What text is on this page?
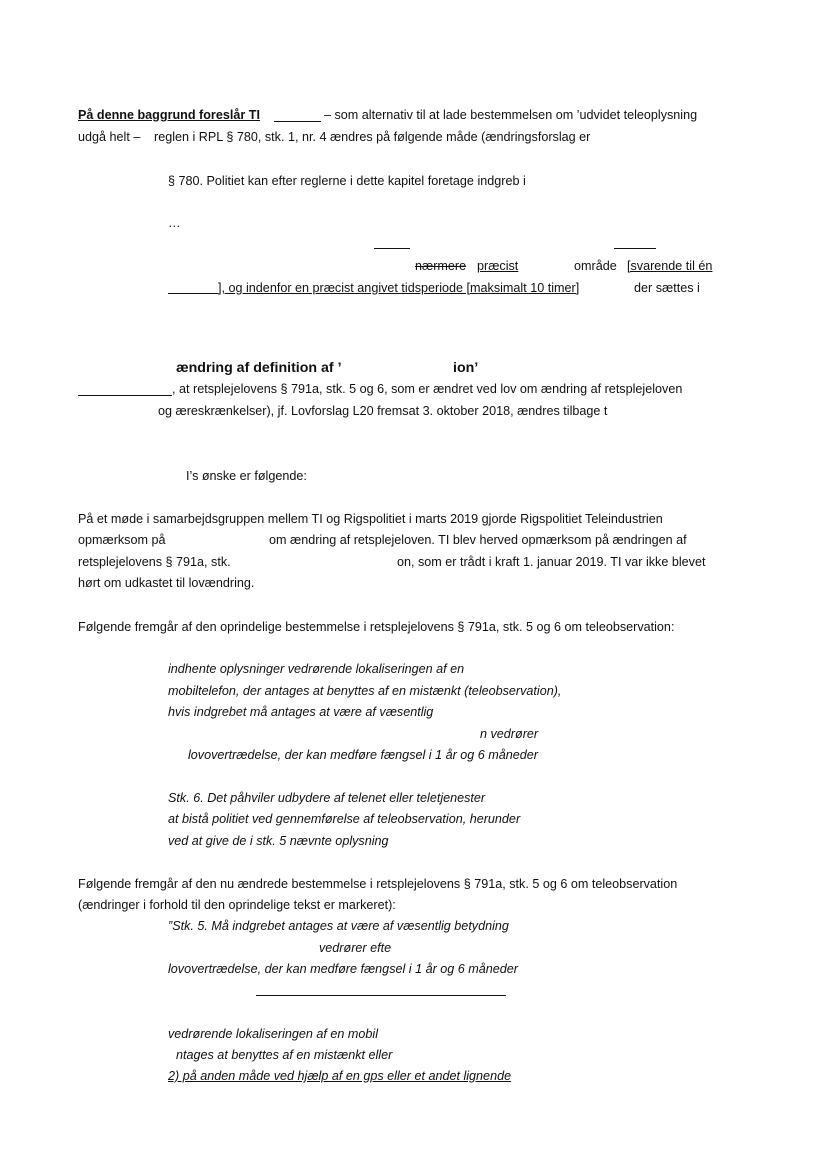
På denne baggrund foreslår TI	– som alternativ til at lade bestemmelsen om ’udvidet teleoplysning
udgå helt – reglen i RPL § 780, stk. 1, nr. 4 ændres på følgende måde (ændringsforslag er
§ 780. Politiet kan efter reglerne i dette kapitel foretage indgreb i
…
nærmere præcist	område [svarende til én
], og indenfor en præcist angivet tidsperiode [maksimalt 10 timer]	der sættes i
ændring af definition af ’	ion’
, at retsplejelovens § 791a, stk. 5 og 6, som er ændret ved lov om ændring af retsplejeloven
og æreskrænkelser), jf. Lovforslag L20 fremsat 3. oktober 2018, ændres tilbage t
I’s ønske er følgende:
På et møde i samarbejdsgruppen mellem TI og Rigspolitiet i marts 2019 gjorde Rigspolitiet Teleindustrien
opmærksom på	om ændring af retsplejeloven. TI blev herved opmærksom på ændringen af
retsplejelovens § 791a, stk.	on, som er trådt i kraft 1. januar 2019. TI var ikke blevet
hørt om udkastet til lovændring.
Følgende fremgår af den oprindelige bestemmelse i retsplejelovens § 791a, stk. 5 og 6 om teleobservation:
indhente oplysninger vedrørende lokaliseringen af en
mobiltelefon, der antages at benyttes af en mistænkt (teleobservation),
hvis indgrebet må antages at være af væsentlig
n vedrører
lovovertrædelse, der kan medføre fængsel i 1 år og 6 måneder
Stk. 6. Det påhviler udbydere af telenet eller teletjenester
at bistå politiet ved gennemførelse af teleobservation, herunder
ved at give de i stk. 5 nævnte oplysning
Følgende fremgår af den nu ændrede bestemmelse i retsplejelovens § 791a, stk. 5 og 6 om teleobservation
(ændringer i forhold til den oprindelige tekst er markeret):
”Stk. 5. Må indgrebet antages at være af væsentlig betydning
vedrører efte
lovovertrædelse, der kan medføre fængsel i 1 år og 6 måneder
vedrørende lokaliseringen af en mobil
ntages at benyttes af en mistænkt eller
2) på anden måde ved hjælp af en gps eller et andet lignende
